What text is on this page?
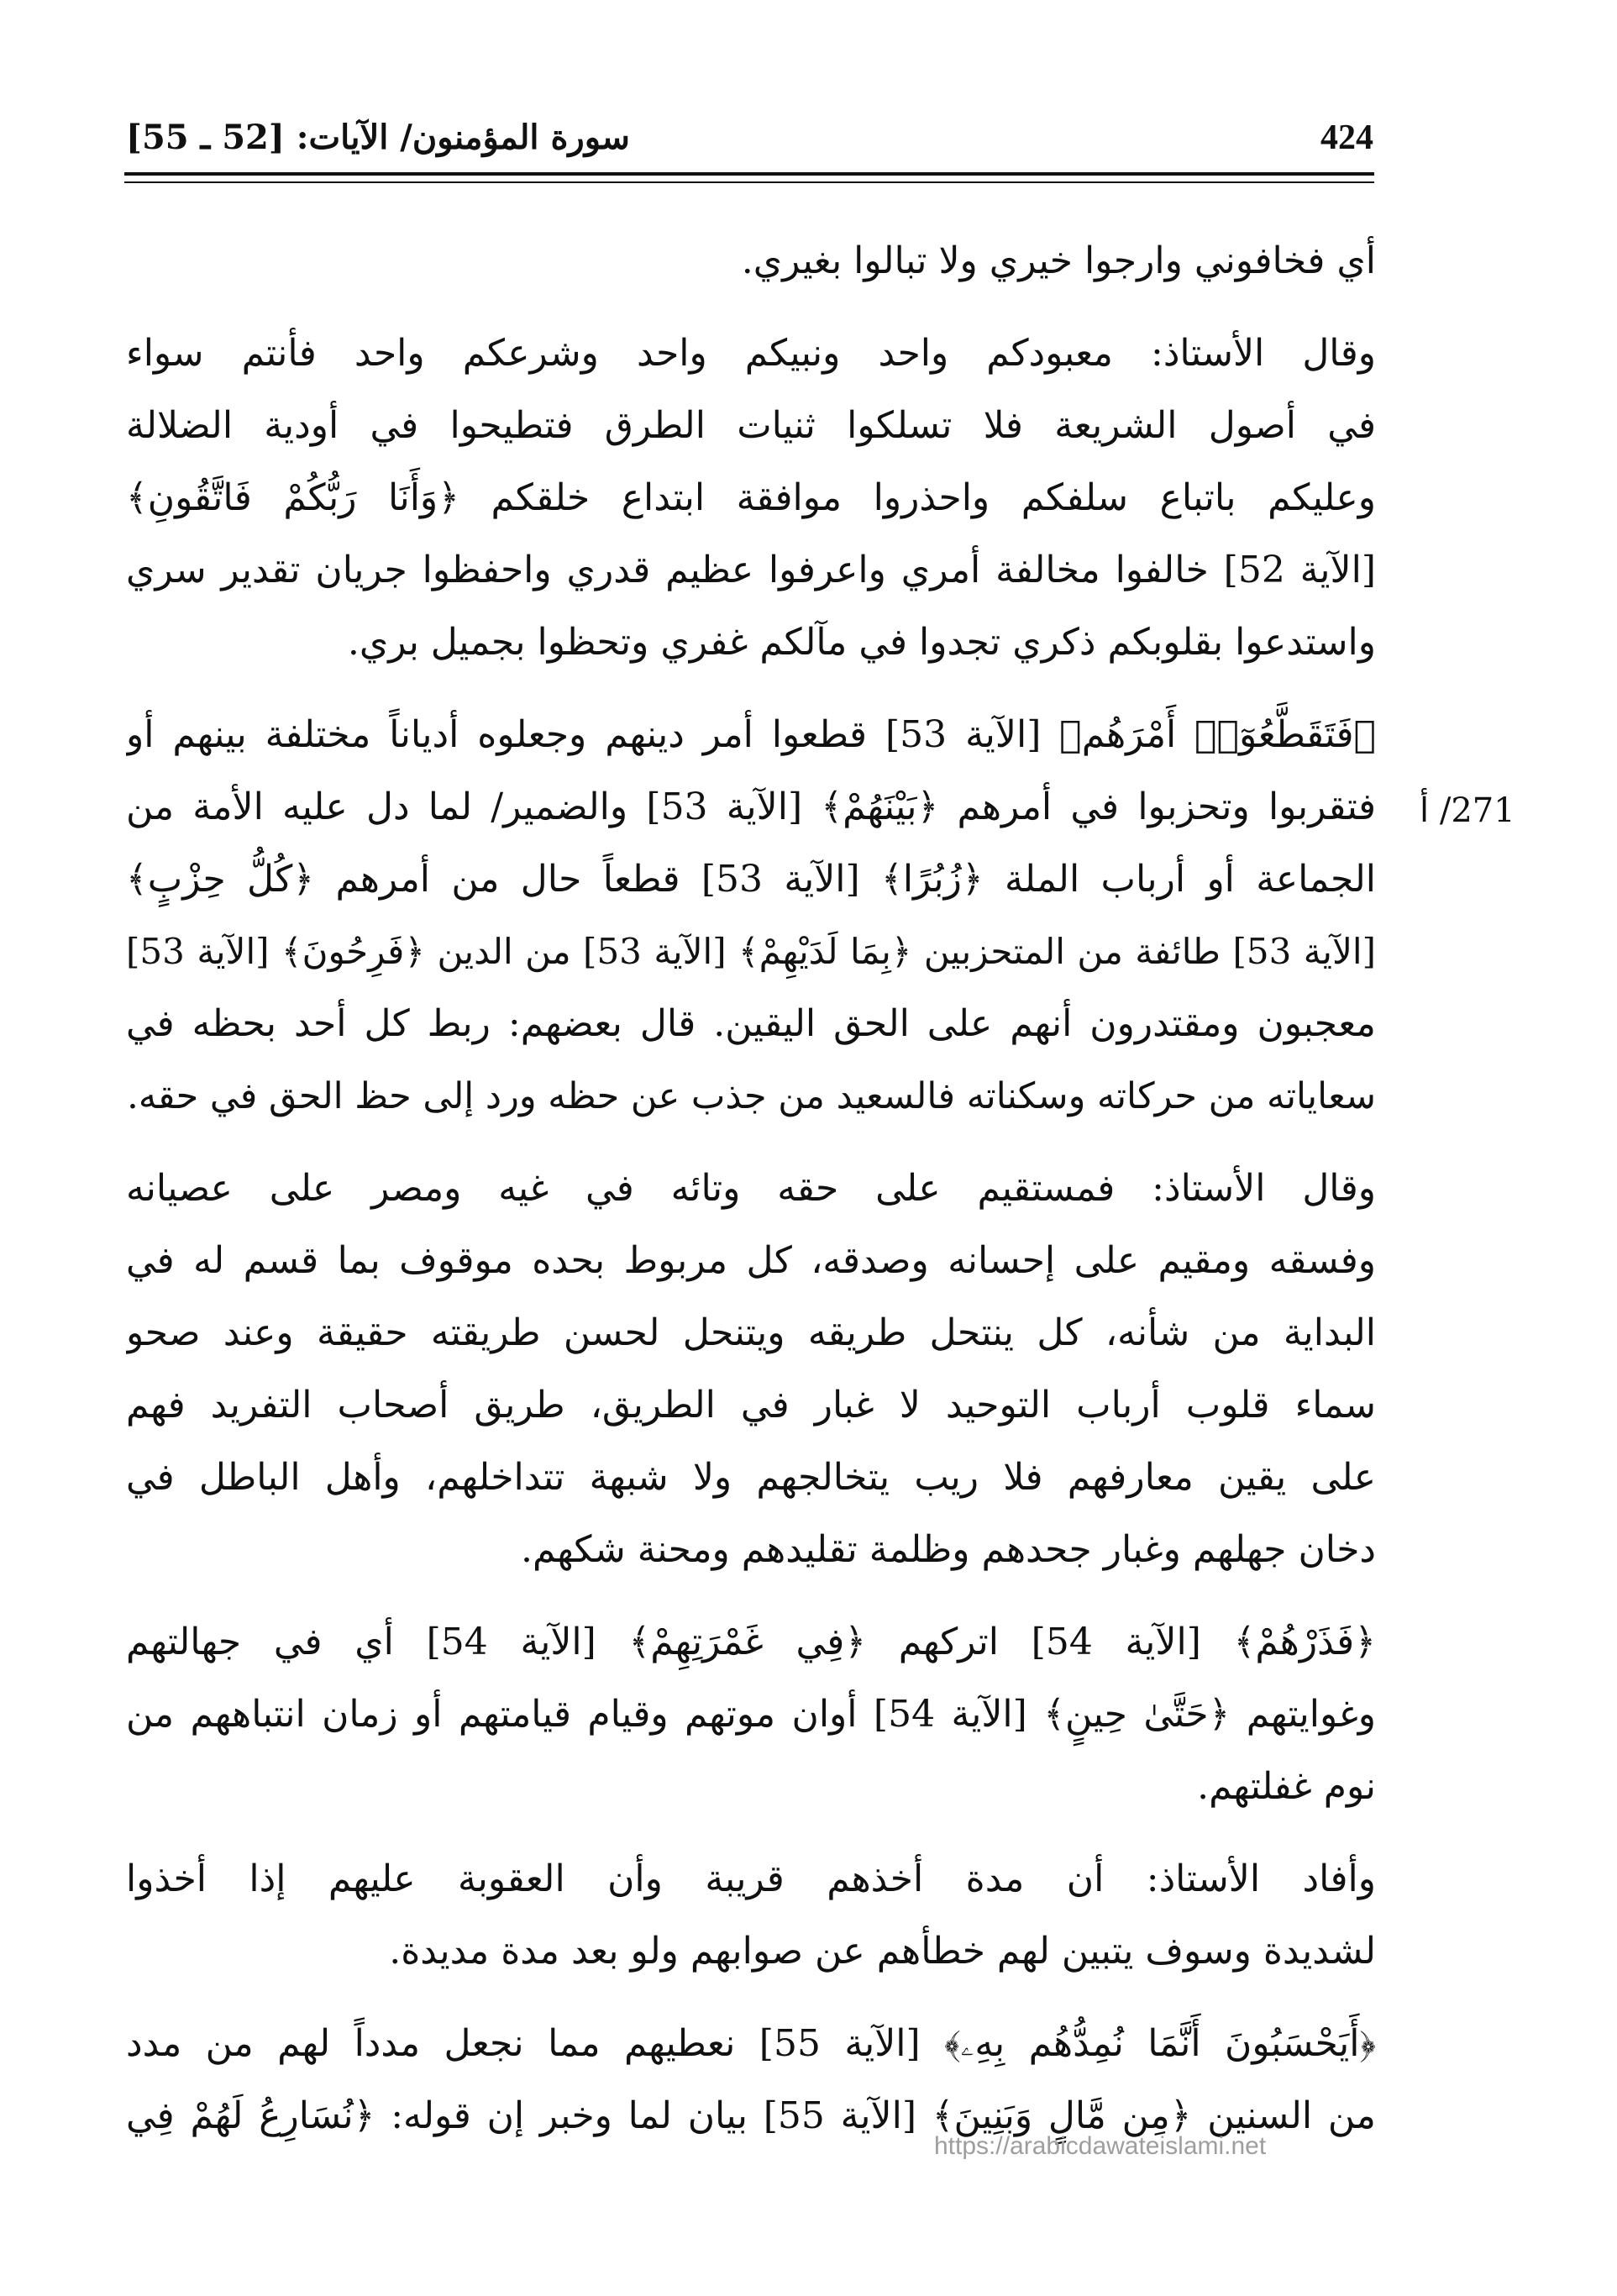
424
سورة المؤمنون/ الآيات: [52 ـ 55]
271/ أ
أي فخافوني وارجوا خيري ولا تبالوا بغيري.
وقال الأستاذ: معبودكم واحد ونبيكم واحد وشرعكم واحد فأنتم سواء
في أصول الشريعة فلا تسلكوا ثنيات الطرق فتطيحوا في أودية الضلالة
وعليكم باتباع سلفكم واحذروا موافقة ابتداع خلقكم ﴿وَأَنَا رَبُّكُمْ فَاتَّقُونِ﴾
[الآية 52] خالفوا مخالفة أمري واعرفوا عظيم قدري واحفظوا جريان تقدير سري
واستدعوا بقلوبكم ذكري تجدوا في مآلكم غفري وتحظوا بجميل بري.
﴿فَتَقَطَّعُوٓا۟ أَمْرَهُم﴾ [الآية 53] قطعوا أمر دينهم وجعلوه أدياناً مختلفة بينهم أو
فتقربوا وتحزبوا في أمرهم ﴿بَيْنَهُمْ﴾ [الآية 53] والضمير/ لما دل عليه الأمة من
الجماعة أو أرباب الملة ﴿زُبُرًا﴾ [الآية 53] قطعاً حال من أمرهم ﴿كُلُّ حِزْبٍ﴾
[الآية 53] طائفة من المتحزبين ﴿بِمَا لَدَيْهِمْ﴾ [الآية 53] من الدين ﴿فَرِحُونَ﴾ [الآية 53]
معجبون ومقتدرون أنهم على الحق اليقين. قال بعضهم: ربط كل أحد بحظه في
سعاياته من حركاته وسكناته فالسعيد من جذب عن حظه ورد إلى حظ الحق في حقه.
وقال الأستاذ: فمستقيم على حقه وتائه في غيه ومصر على عصيانه
وفسقه ومقيم على إحسانه وصدقه، كل مربوط بحده موقوف بما قسم له في
البداية من شأنه، كل ينتحل طريقه ويتنحل لحسن طريقته حقيقة وعند صحو
سماء قلوب أرباب التوحيد لا غبار في الطريق، طريق أصحاب التفريد فهم
على يقين معارفهم فلا ريب يتخالجهم ولا شبهة تتداخلهم، وأهل الباطل في
دخان جهلهم وغبار جحدهم وظلمة تقليدهم ومحنة شكهم.
﴿فَذَرْهُمْ﴾ [الآية 54] اتركهم ﴿فِي غَمْرَتِهِمْ﴾ [الآية 54] أي في جهالتهم
وغوايتهم ﴿حَتَّىٰ حِينٍ﴾ [الآية 54] أوان موتهم وقيام قيامتهم أو زمان انتباههم من
نوم غفلتهم.
وأفاد الأستاذ: أن مدة أخذهم قريبة وأن العقوبة عليهم إذا أخذوا
لشديدة وسوف يتبين لهم خطأهم عن صوابهم ولو بعد مدة مديدة.
﴿أَيَحْسَبُونَ أَنَّمَا نُمِدُّهُم بِهِۦ﴾ [الآية 55] نعطيهم مما نجعل مدداً لهم من مدد
من السنين ﴿مِن مَّالٍ وَبَنِينَ﴾ [الآية 55] بيان لما وخبر إن قوله: ﴿نُسَارِعُ لَهُمْ فِي
https://arabicdawateislami.net
